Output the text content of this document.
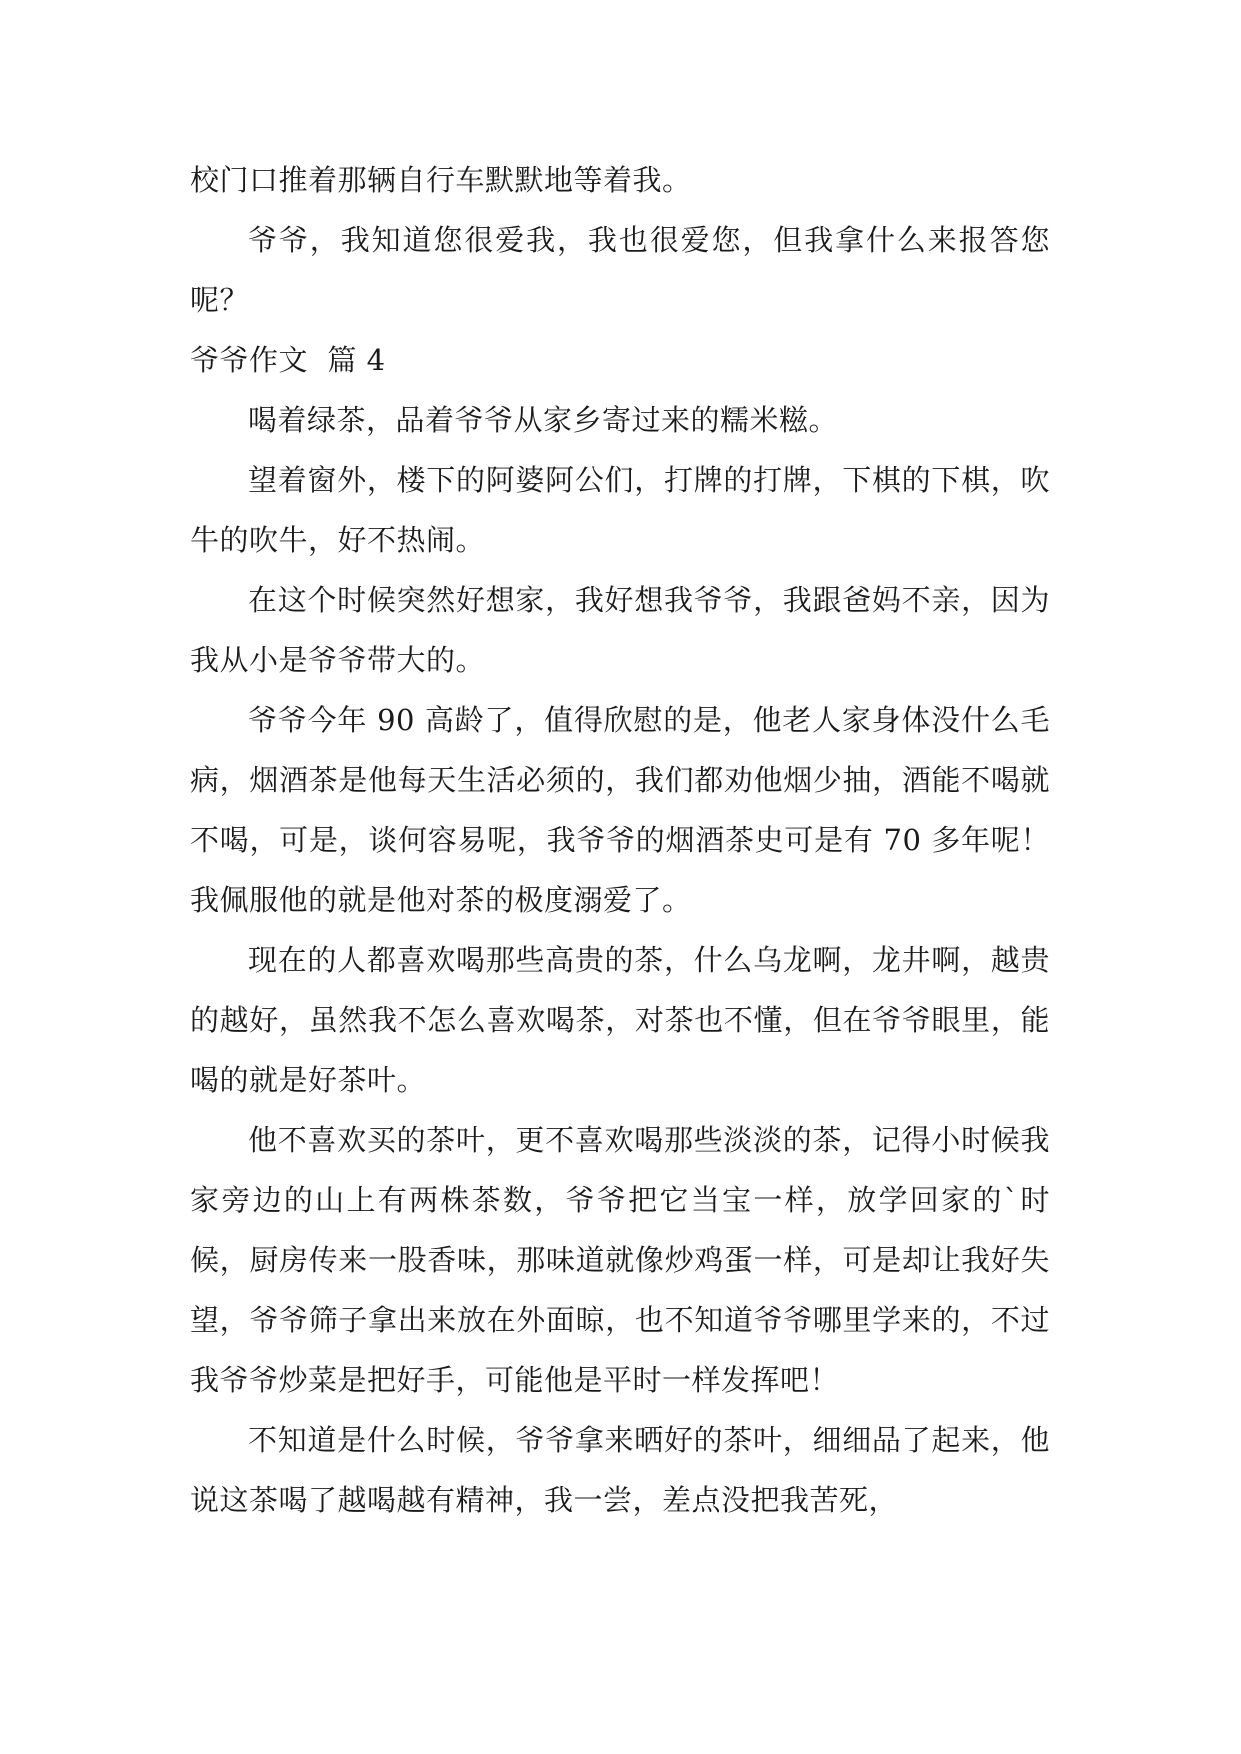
校门口推着那辆自行车默默地等着我。

爷爷，我知道您很爱我，我也很爱您，但我拿什么来报答您呢？

爷爷作文  篇 4

喝着绿茶，品着爷爷从家乡寄过来的糯米糍。

望着窗外，楼下的阿婆阿公们，打牌的打牌，下棋的下棋，吹牛的吹牛，好不热闹。

在这个时候突然好想家，我好想我爷爷，我跟爸妈不亲，因为我从小是爷爷带大的。

爷爷今年 90 高龄了，值得欣慰的是，他老人家身体没什么毛病，烟酒茶是他每天生活必须的，我们都劝他烟少抽，酒能不喝就不喝，可是，谈何容易呢，我爷爷的烟酒茶史可是有 70 多年呢！我佩服他的就是他对茶的极度溺爱了。

现在的人都喜欢喝那些高贵的茶，什么乌龙啊，龙井啊，越贵的越好，虽然我不怎么喜欢喝茶，对茶也不懂，但在爷爷眼里，能喝的就是好茶叶。

他不喜欢买的茶叶，更不喜欢喝那些淡淡的茶，记得小时候我家旁边的山上有两株茶数，爷爷把它当宝一样，放学回家的`时候，厨房传来一股香味，那味道就像炒鸡蛋一样，可是却让我好失望，爷爷筛子拿出来放在外面晾，也不知道爷爷哪里学来的，不过我爷爷炒菜是把好手，可能他是平时一样发挥吧！

不知道是什么时候，爷爷拿来晒好的茶叶，细细品了起来，他说这茶喝了越喝越有精神，我一尝，差点没把我苦死，
